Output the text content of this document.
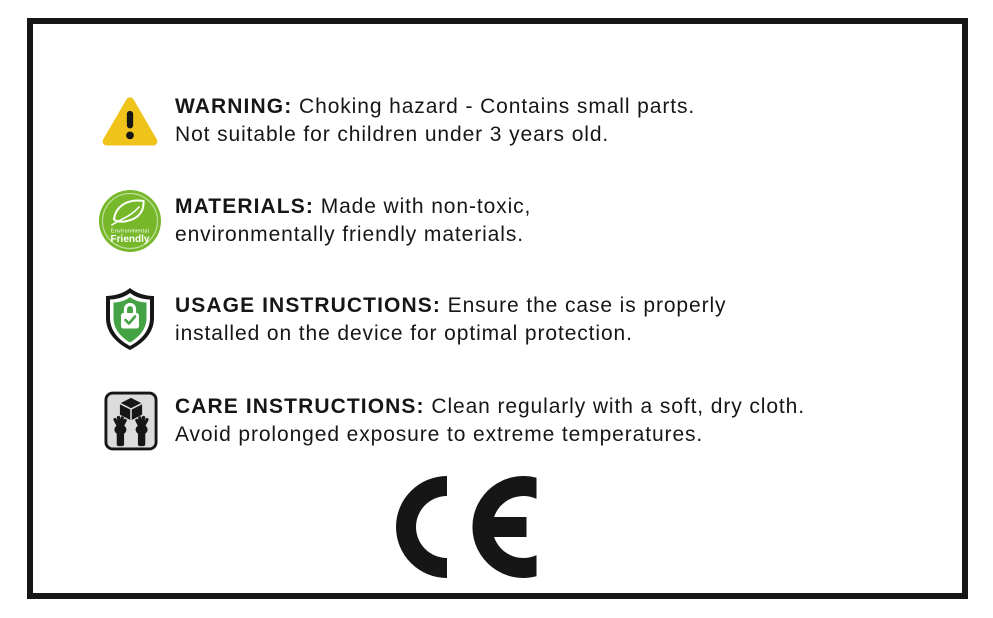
WARNING: Choking hazard - Contains small parts.
Not suitable for children under 3 years old.
Environmental
Friendly
MATERIALS: Made with non-toxic,
environmentally friendly materials.
USAGE INSTRUCTIONS: Ensure the case is properly
installed on the device for optimal protection.
CARE INSTRUCTIONS: Clean regularly with a soft, dry cloth.
Avoid prolonged exposure to extreme temperatures.
